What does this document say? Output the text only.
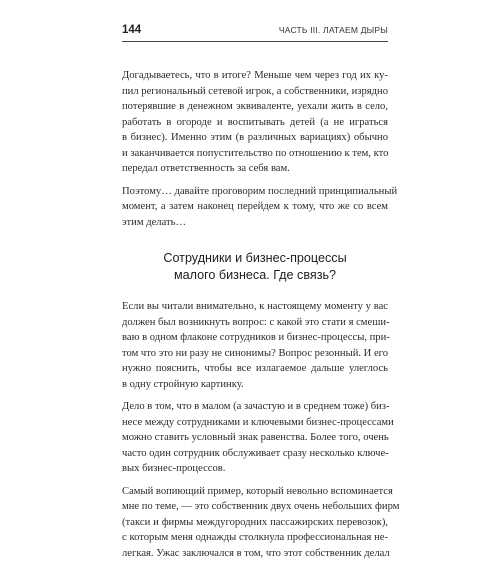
144	ЧАСТЬ III. ЛАТАЕМ ДЫРЫ

Догадываетесь, что в итоге? Меньше чем через год их ку-
пил региональный сетевой игрок, а собственники, изрядно
потерявшие в денежном эквиваленте, уехали жить в село,
работать в огороде и воспитывать детей (а не играться
в бизнес). Именно этим (в различных вариациях) обычно
и заканчивается попустительство по отношению к тем, кто
передал ответственность за себя вам.

Поэтому… давайте проговорим последний принципиальный
момент, а затем наконец перейдем к тому, что же со всем
этим делать…

Сотрудники и бизнес-процессы
малого бизнеса. Где связь?

Если вы читали внимательно, к настоящему моменту у вас
должен был возникнуть вопрос: с какой это стати я смеши-
ваю в одном флаконе сотрудников и бизнес-процессы, при-
том что это ни разу не синонимы? Вопрос резонный. И его
нужно пояснить, чтобы все излагаемое дальше улеглось
в одну стройную картинку.

Дело в том, что в малом (а зачастую и в среднем тоже) биз-
несе между сотрудниками и ключевыми бизнес-процессами
можно ставить условный знак равенства. Более того, очень
часто один сотрудник обслуживает сразу несколько ключе-
вых бизнес-процессов.

Самый вопиющий пример, который невольно вспоминается
мне по теме, — это собственник двух очень небольших фирм
(такси и фирмы междугородних пассажирских перевозок),
с которым меня однажды столкнула профессиональная не-
легкая. Ужас заключался в том, что этот собственник делал
